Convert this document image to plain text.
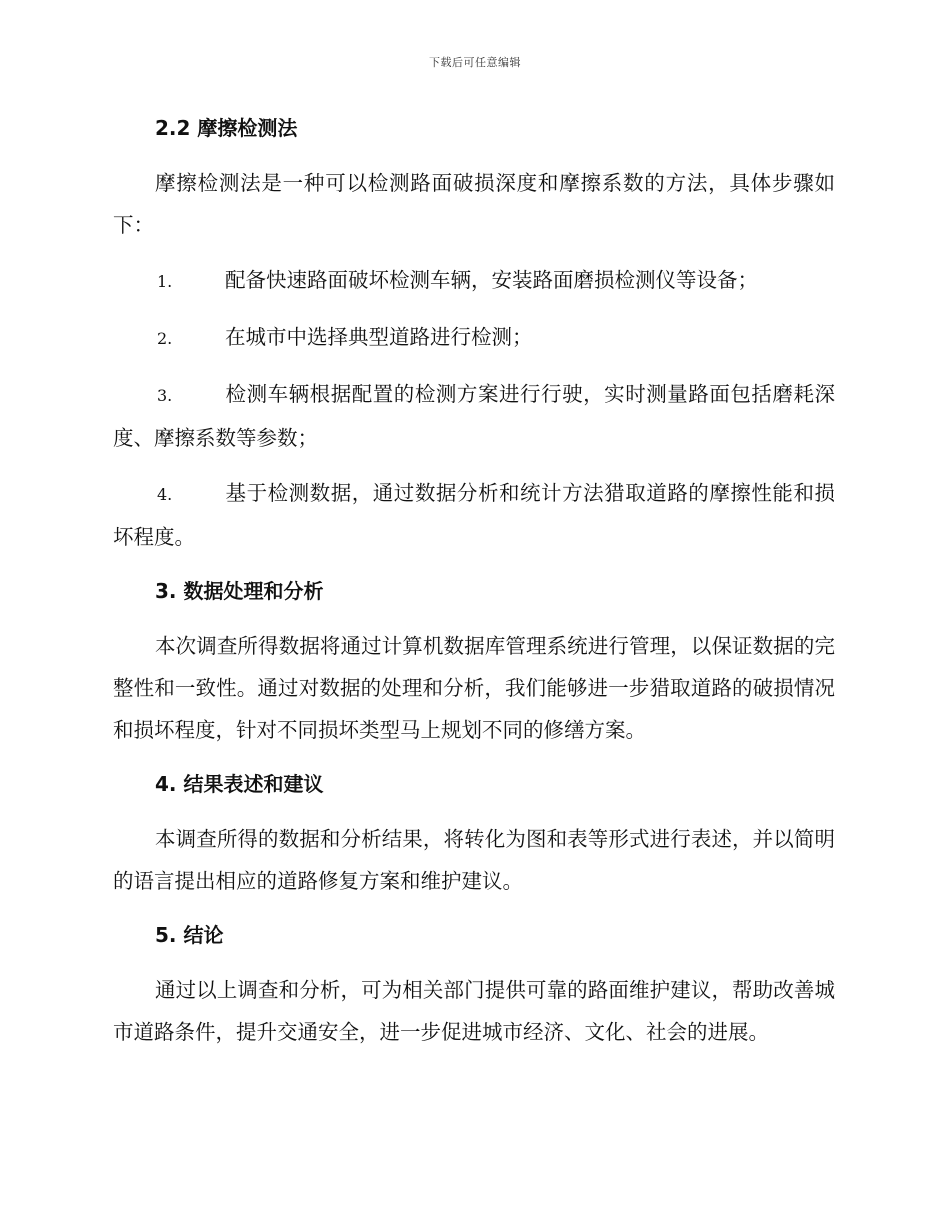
下载后可任意编辑
2.2 摩擦检测法

摩擦检测法是一种可以检测路面破损深度和摩擦系数的方法，具体步骤如下：

1.	配备快速路面破坏检测车辆，安装路面磨损检测仪等设备；

2.	在城市中选择典型道路进行检测；

3.	检测车辆根据配置的检测方案进行行驶，实时测量路面包括磨耗深度、摩擦系数等参数；

4.	基于检测数据，通过数据分析和统计方法猎取道路的摩擦性能和损坏程度。

3. 数据处理和分析

本次调查所得数据将通过计算机数据库管理系统进行管理，以保证数据的完整性和一致性。通过对数据的处理和分析，我们能够进一步猎取道路的破损情况和损坏程度，针对不同损坏类型马上规划不同的修缮方案。

4. 结果表述和建议

本调查所得的数据和分析结果，将转化为图和表等形式进行表述，并以简明的语言提出相应的道路修复方案和维护建议。

5. 结论

通过以上调查和分析，可为相关部门提供可靠的路面维护建议，帮助改善城市道路条件，提升交通安全，进一步促进城市经济、文化、社会的进展。
